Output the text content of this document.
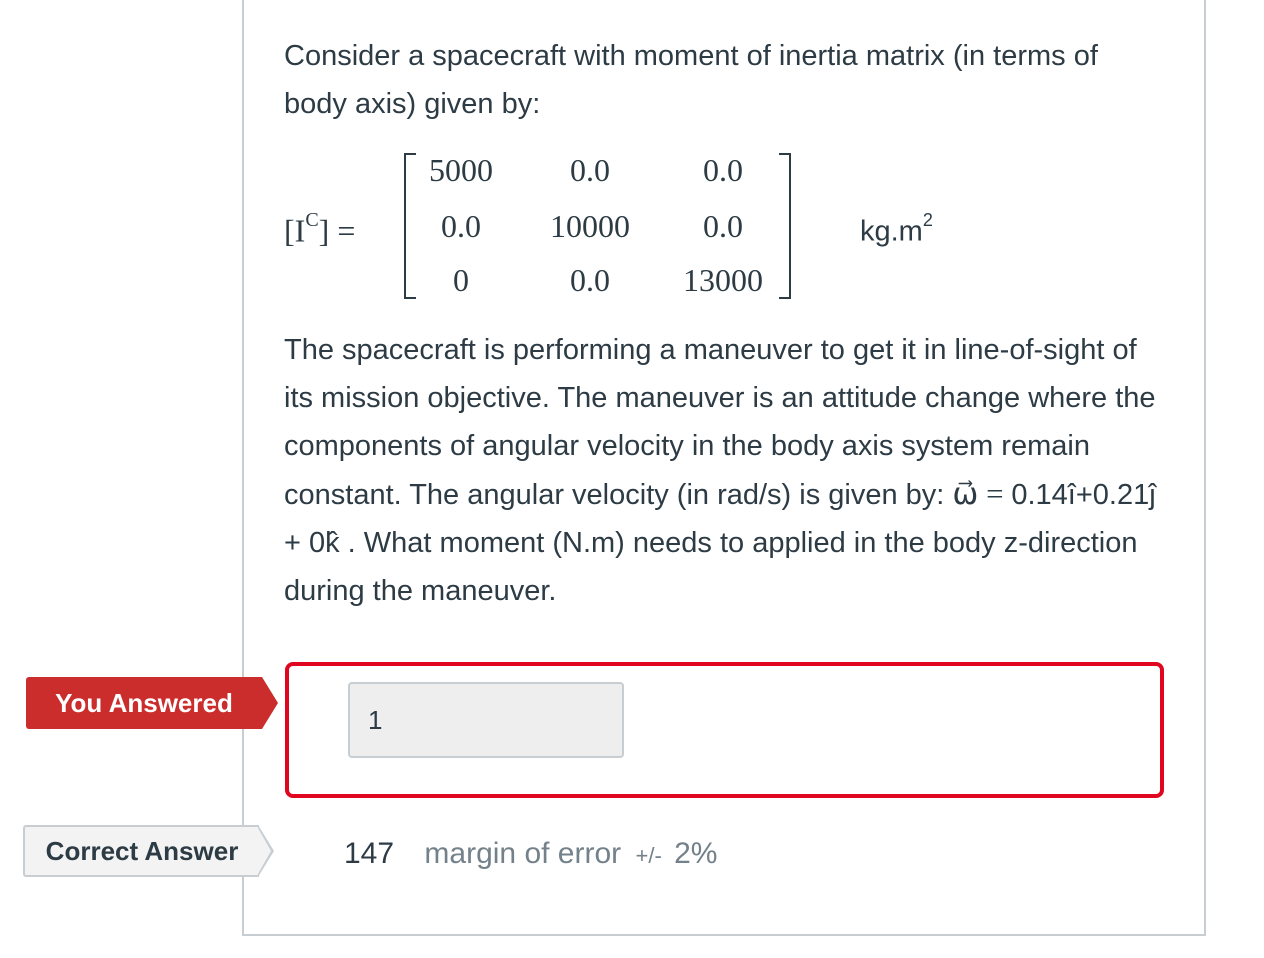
Consider a spacecraft with moment of inertia matrix (in terms of body axis) given by:

$[I^C]$ =
5000	0.0	0.0
0.0	10000	0.0
0	0.0	13000
$kg.m^2$

The spacecraft is performing a maneuver to get it in line-of-sight of its mission objective. The maneuver is an attitude change where the components of angular velocity in the body axis system remain constant. The angular velocity (in rad/s) is given by: ω⃗ = 0.14î+0.21ĵ + 0k̂ . What moment (N.m) needs to applied in the body z-direction during the maneuver.

You Answered
1
Correct Answer	147 margin of error +/- 2%
